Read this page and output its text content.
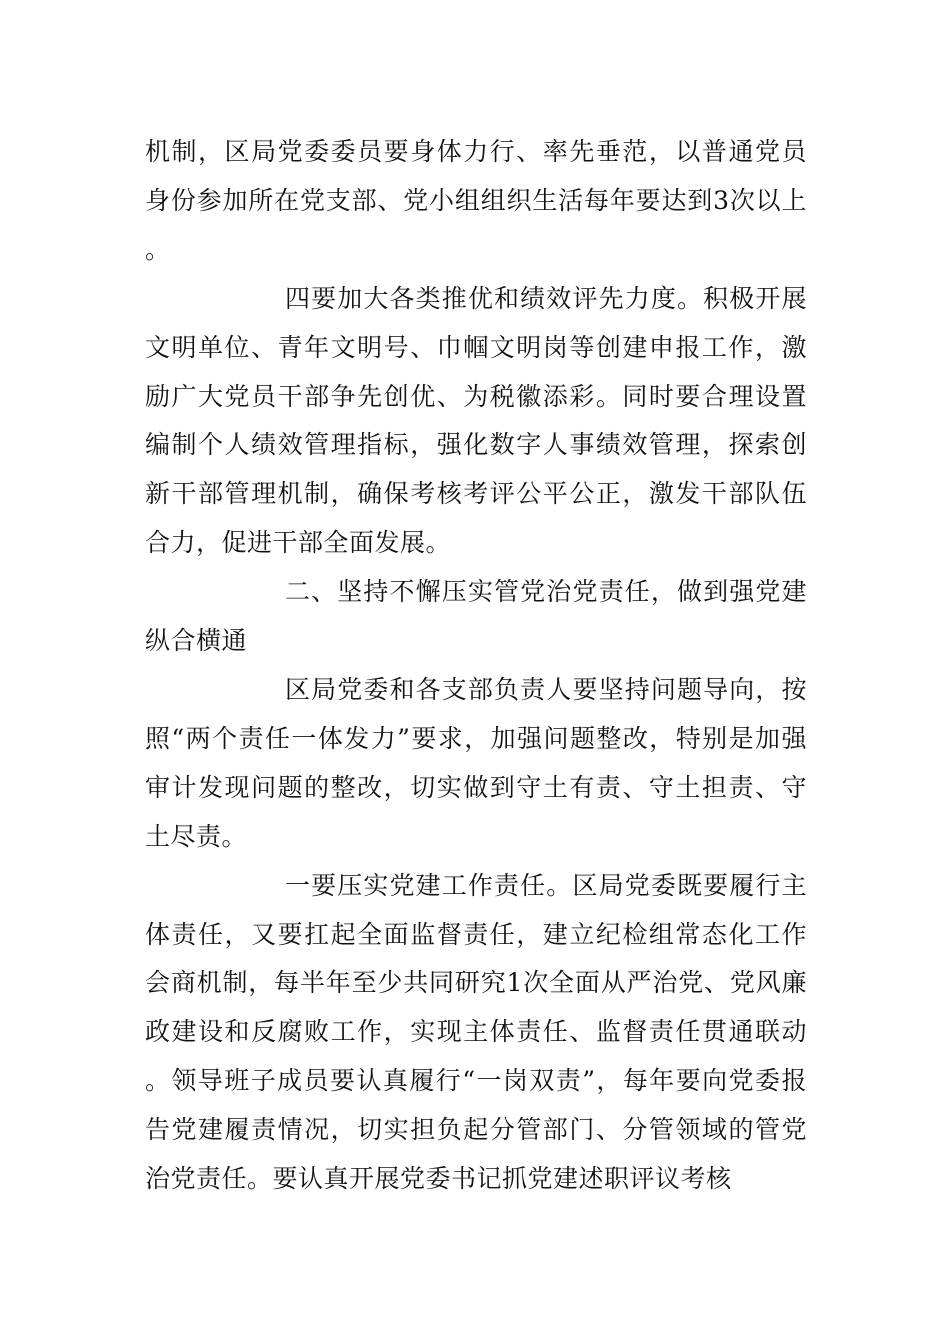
机制，区局党委委员要身体力行、率先垂范，以普通党员身份参加所在党支部、党小组组织生活每年要达到3次以上。

四要加大各类推优和绩效评先力度。积极开展文明单位、青年文明号、巾帼文明岗等创建申报工作，激励广大党员干部争先创优、为税徽添彩。同时要合理设置编制个人绩效管理指标，强化数字人事绩效管理，探索创新干部管理机制，确保考核考评公平公正，激发干部队伍合力，促进干部全面发展。

二、坚持不懈压实管党治党责任，做到强党建纵合横通

区局党委和各支部负责人要坚持问题导向，按照“两个责任一体发力”要求，加强问题整改，特别是加强审计发现问题的整改，切实做到守土有责、守土担责、守土尽责。

一要压实党建工作责任。区局党委既要履行主体责任，又要扛起全面监督责任，建立纪检组常态化工作会商机制，每半年至少共同研究1次全面从严治党、党风廉政建设和反腐败工作，实现主体责任、监督责任贯通联动。领导班子成员要认真履行“一岗双责”，每年要向党委报告党建履责情况，切实担负起分管部门、分管领域的管党治党责任。要认真开展党委书记抓党建述职评议考核
